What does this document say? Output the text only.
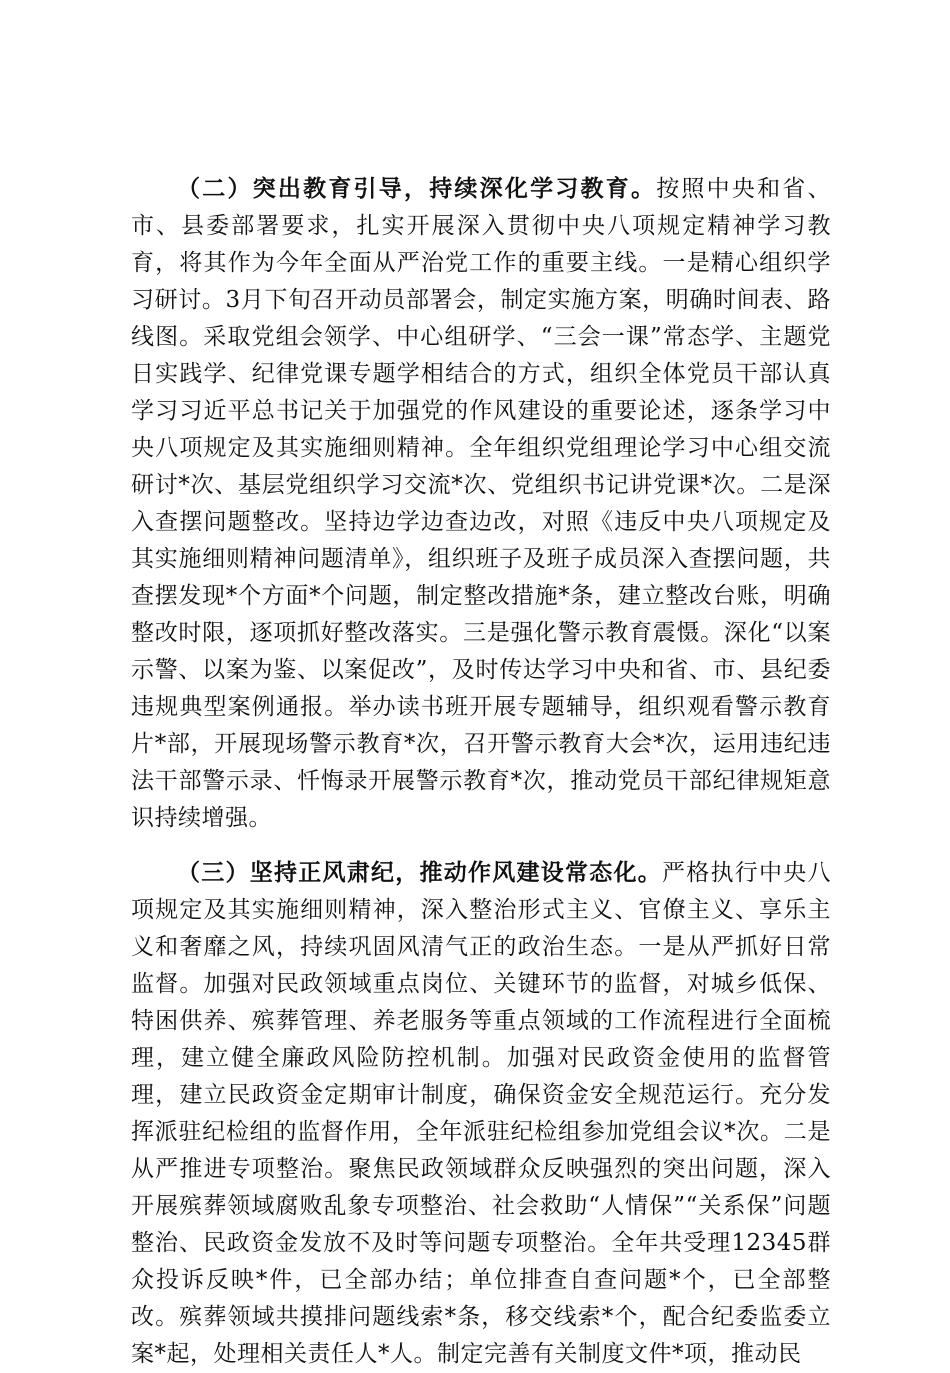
（二）突出教育引导，持续深化学习教育。按照中央和省、市、县委部署要求，扎实开展深入贯彻中央八项规定精神学习教育，将其作为今年全面从严治党工作的重要主线。一是精心组织学习研讨。3月下旬召开动员部署会，制定实施方案，明确时间表、路线图。采取党组会领学、中心组研学、“三会一课”常态学、主题党日实践学、纪律党课专题学相结合的方式，组织全体党员干部认真学习习近平总书记关于加强党的作风建设的重要论述，逐条学习中央八项规定及其实施细则精神。全年组织党组理论学习中心组交流研讨*次、基层党组织学习交流*次、党组织书记讲党课*次。二是深入查摆问题整改。坚持边学边查边改，对照《违反中央八项规定及其实施细则精神问题清单》，组织班子及班子成员深入查摆问题，共查摆发现*个方面*个问题，制定整改措施*条，建立整改台账，明确整改时限，逐项抓好整改落实。三是强化警示教育震慑。深化“以案示警、以案为鉴、以案促改”，及时传达学习中央和省、市、县纪委违规典型案例通报。举办读书班开展专题辅导，组织观看警示教育片*部，开展现场警示教育*次，召开警示教育大会*次，运用违纪违法干部警示录、忏悔录开展警示教育*次，推动党员干部纪律规矩意识持续增强。

（三）坚持正风肃纪，推动作风建设常态化。严格执行中央八项规定及其实施细则精神，深入整治形式主义、官僚主义、享乐主义和奢靡之风，持续巩固风清气正的政治生态。一是从严抓好日常监督。加强对民政领域重点岗位、关键环节的监督，对城乡低保、特困供养、殡葬管理、养老服务等重点领域的工作流程进行全面梳理，建立健全廉政风险防控机制。加强对民政资金使用的监督管理，建立民政资金定期审计制度，确保资金安全规范运行。充分发挥派驻纪检组的监督作用，全年派驻纪检组参加党组会议*次。二是从严推进专项整治。聚焦民政领域群众反映强烈的突出问题，深入开展殡葬领域腐败乱象专项整治、社会救助“人情保”“关系保”问题整治、民政资金发放不及时等问题专项整治。全年共受理12345群众投诉反映*件，已全部办结；单位排查自查问题*个，已全部整改。殡葬领域共摸排问题线索*条，移交线索*个，配合纪委监委立案*起，处理相关责任人*人。制定完善有关制度文件*项，推动民
